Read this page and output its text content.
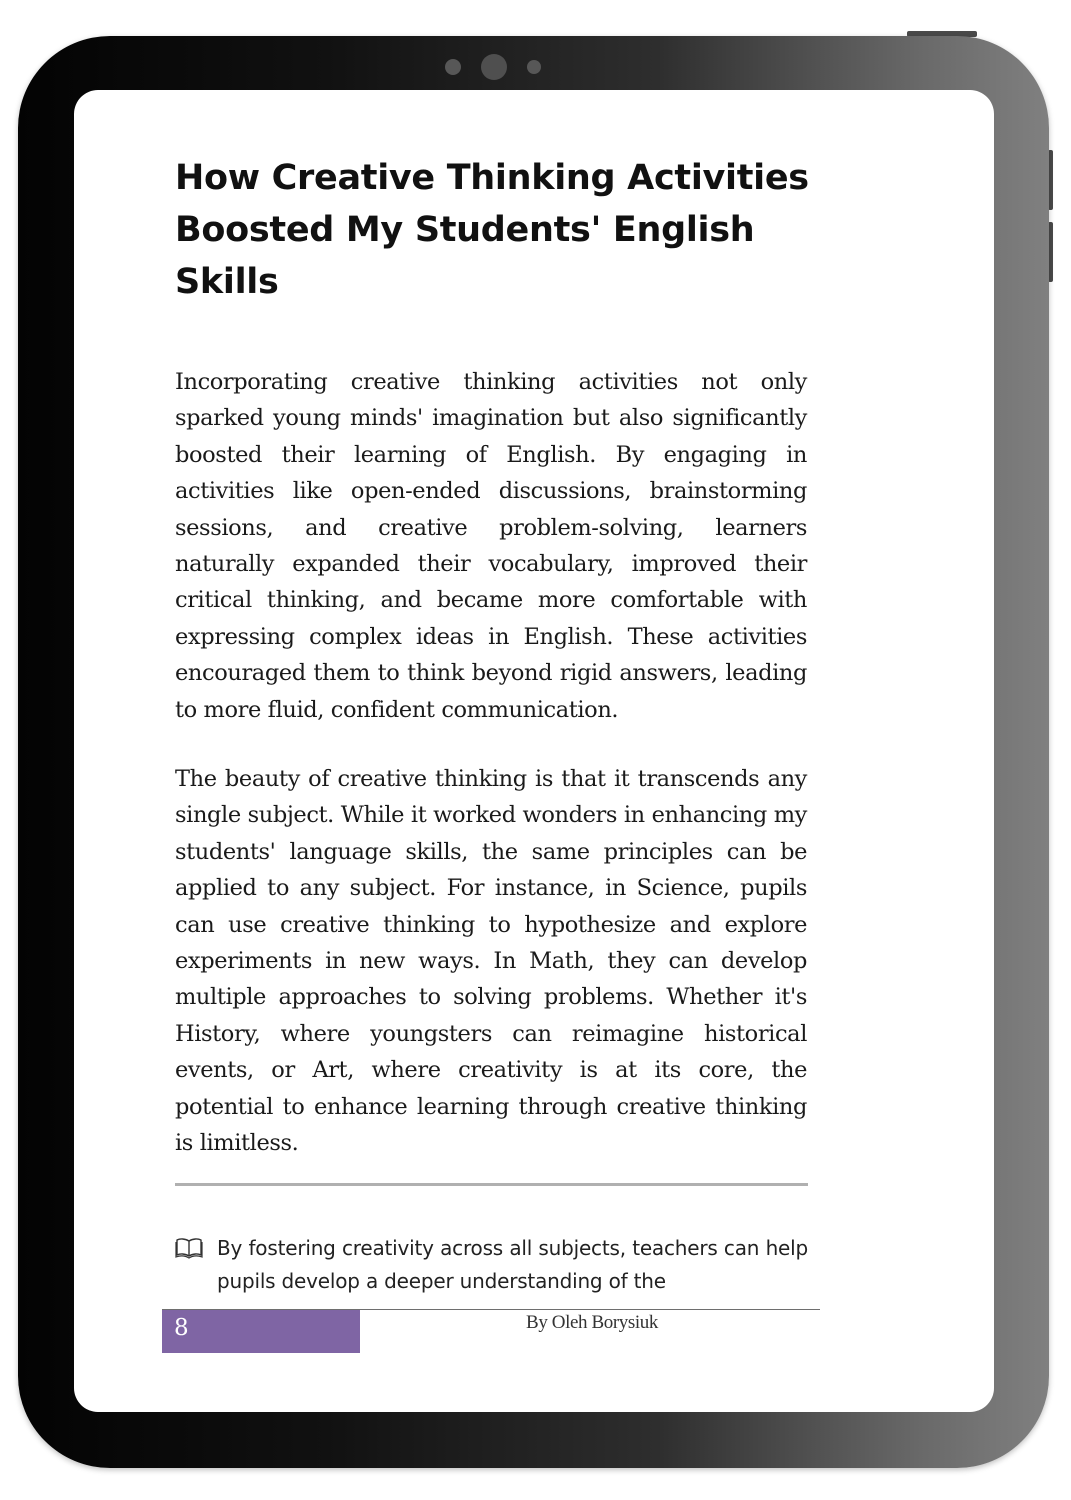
How Creative Thinking Activities Boosted My Students' English Skills

Incorporating creative thinking activities not only sparked young minds' imagination but also significantly boosted their learning of English. By engaging in activities like open-ended discussions, brainstorming sessions, and creative problem-solving, learners naturally expanded their vocabulary, improved their critical thinking, and became more comfortable with expressing complex ideas in English. These activities encouraged them to think beyond rigid answers, leading to more fluid, confident communication.

The beauty of creative thinking is that it transcends any single subject. While it worked wonders in enhancing my students' language skills, the same principles can be applied to any subject. For instance, in Science, pupils can use creative thinking to hypothesize and explore experiments in new ways. In Math, they can develop multiple approaches to solving problems. Whether it's History, where youngsters can reimagine historical events, or Art, where creativity is at its core, the potential to enhance learning through creative thinking is limitless.

By fostering creativity across all subjects, teachers can help pupils develop a deeper understanding of the

8	By Oleh Borysiuk
